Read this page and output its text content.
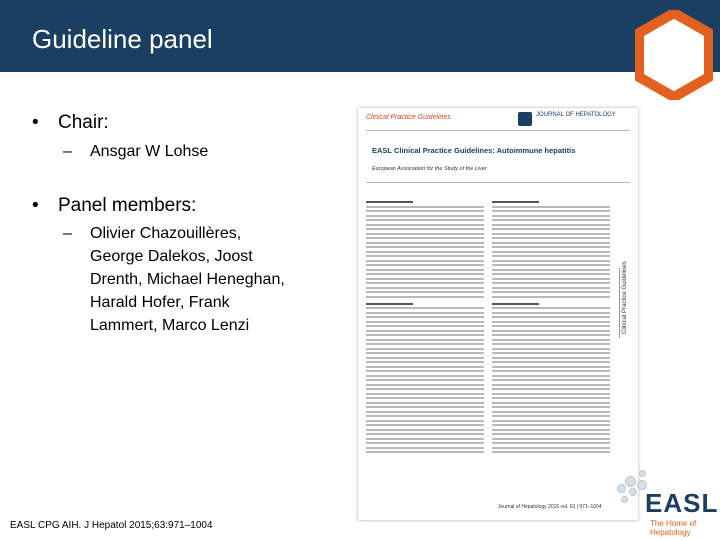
Guideline panel
• Chair:
– Ansgar W Lohse
• Panel members:
– Olivier Chazouillères, George Dalekos, Joost Drenth, Michael Heneghan, Harald Hofer, Frank Lammert, Marco Lenzi
Clinical Practice Guidelines	JOURNAL OF HEPATOLOGY
EASL Clinical Practice Guidelines: Autoimmune hepatitis
European Association for the Study of the Liver
Clinical Practice Guidelines
Journal of Hepatology 2015 vol. 63 | 971–1004
EASL CPG AIH. J Hepatol 2015;63:971–1004
EASL
The Home of Hepatology
